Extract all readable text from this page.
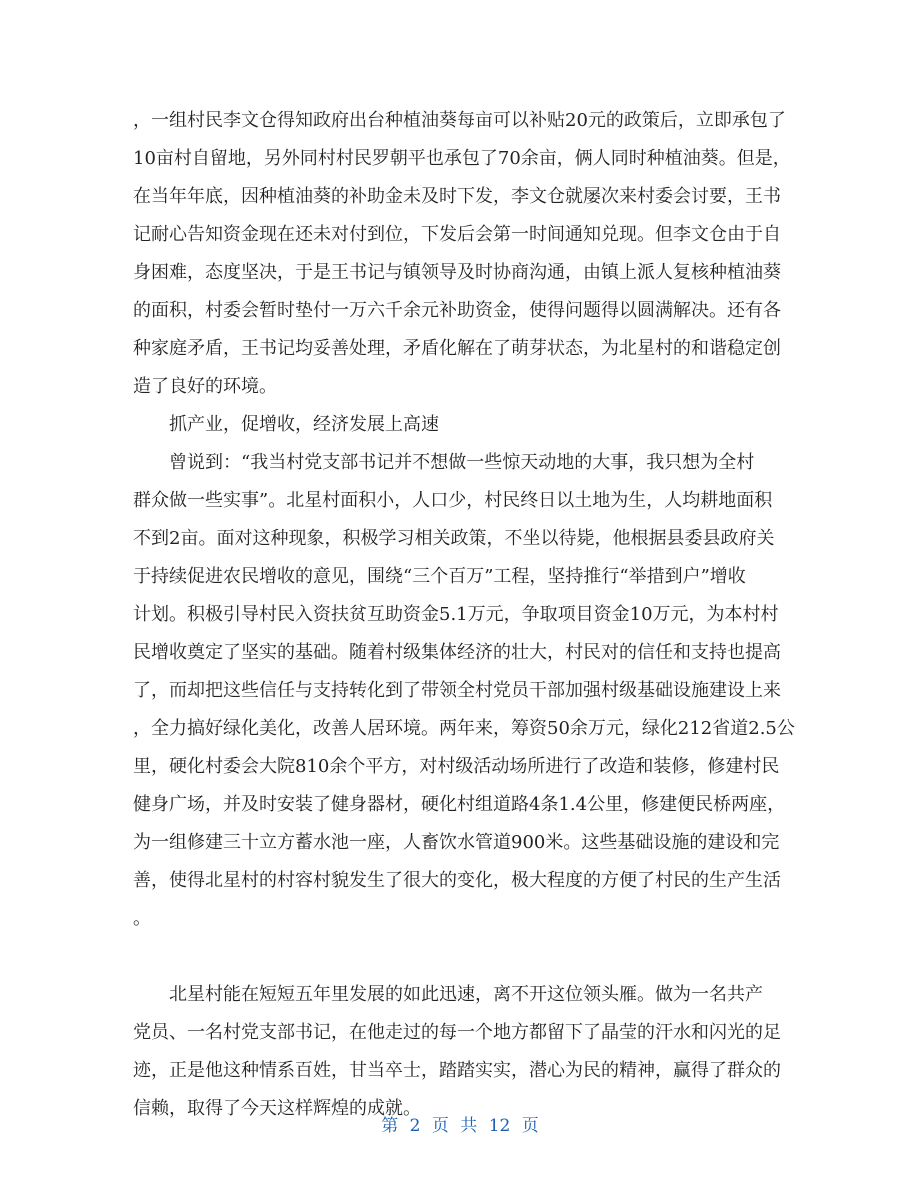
，一组村民李文仓得知政府出台种植油葵每亩可以补贴20元的政策后，立即承包了
10亩村自留地，另外同村村民罗朝平也承包了70余亩，俩人同时种植油葵。但是，
在当年年底，因种植油葵的补助金未及时下发，李文仓就屡次来村委会讨要，王书
记耐心告知资金现在还未对付到位，下发后会第一时间通知兑现。但李文仓由于自
身困难，态度坚决，于是王书记与镇领导及时协商沟通，由镇上派人复核种植油葵
的面积，村委会暂时垫付一万六千余元补助资金，使得问题得以圆满解决。还有各
种家庭矛盾，王书记均妥善处理，矛盾化解在了萌芽状态，为北星村的和谐稳定创
造了良好的环境。
　　抓产业，促增收，经济发展上高速
　　曾说到：“我当村党支部书记并不想做一些惊天动地的大事，我只想为全村
群众做一些实事”。北星村面积小，人口少，村民终日以土地为生，人均耕地面积
不到2亩。面对这种现象，积极学习相关政策，不坐以待毙，他根据县委县政府关
于持续促进农民增收的意见，围绕“三个百万”工程，坚持推行“举措到户”增收
计划。积极引导村民入资扶贫互助资金5.1万元，争取项目资金10万元，为本村村
民增收奠定了坚实的基础。随着村级集体经济的壮大，村民对的信任和支持也提高
了，而却把这些信任与支持转化到了带领全村党员干部加强村级基础设施建设上来
，全力搞好绿化美化，改善人居环境。两年来，筹资50余万元，绿化212省道2.5公
里，硬化村委会大院810余个平方，对村级活动场所进行了改造和装修，修建村民
健身广场，并及时安装了健身器材，硬化村组道路4条1.4公里，修建便民桥两座，
为一组修建三十立方蓄水池一座，人畜饮水管道900米。这些基础设施的建设和完
善，使得北星村的村容村貌发生了很大的变化，极大程度的方便了村民的生产生活
。
　　北星村能在短短五年里发展的如此迅速，离不开这位领头雁。做为一名共产
党员、一名村党支部书记，在他走过的每一个地方都留下了晶莹的汗水和闪光的足
迹，正是他这种情系百姓，甘当卒士，踏踏实实，潜心为民的精神，赢得了群众的
信赖，取得了今天这样辉煌的成就。
第 2 页 共 12 页
